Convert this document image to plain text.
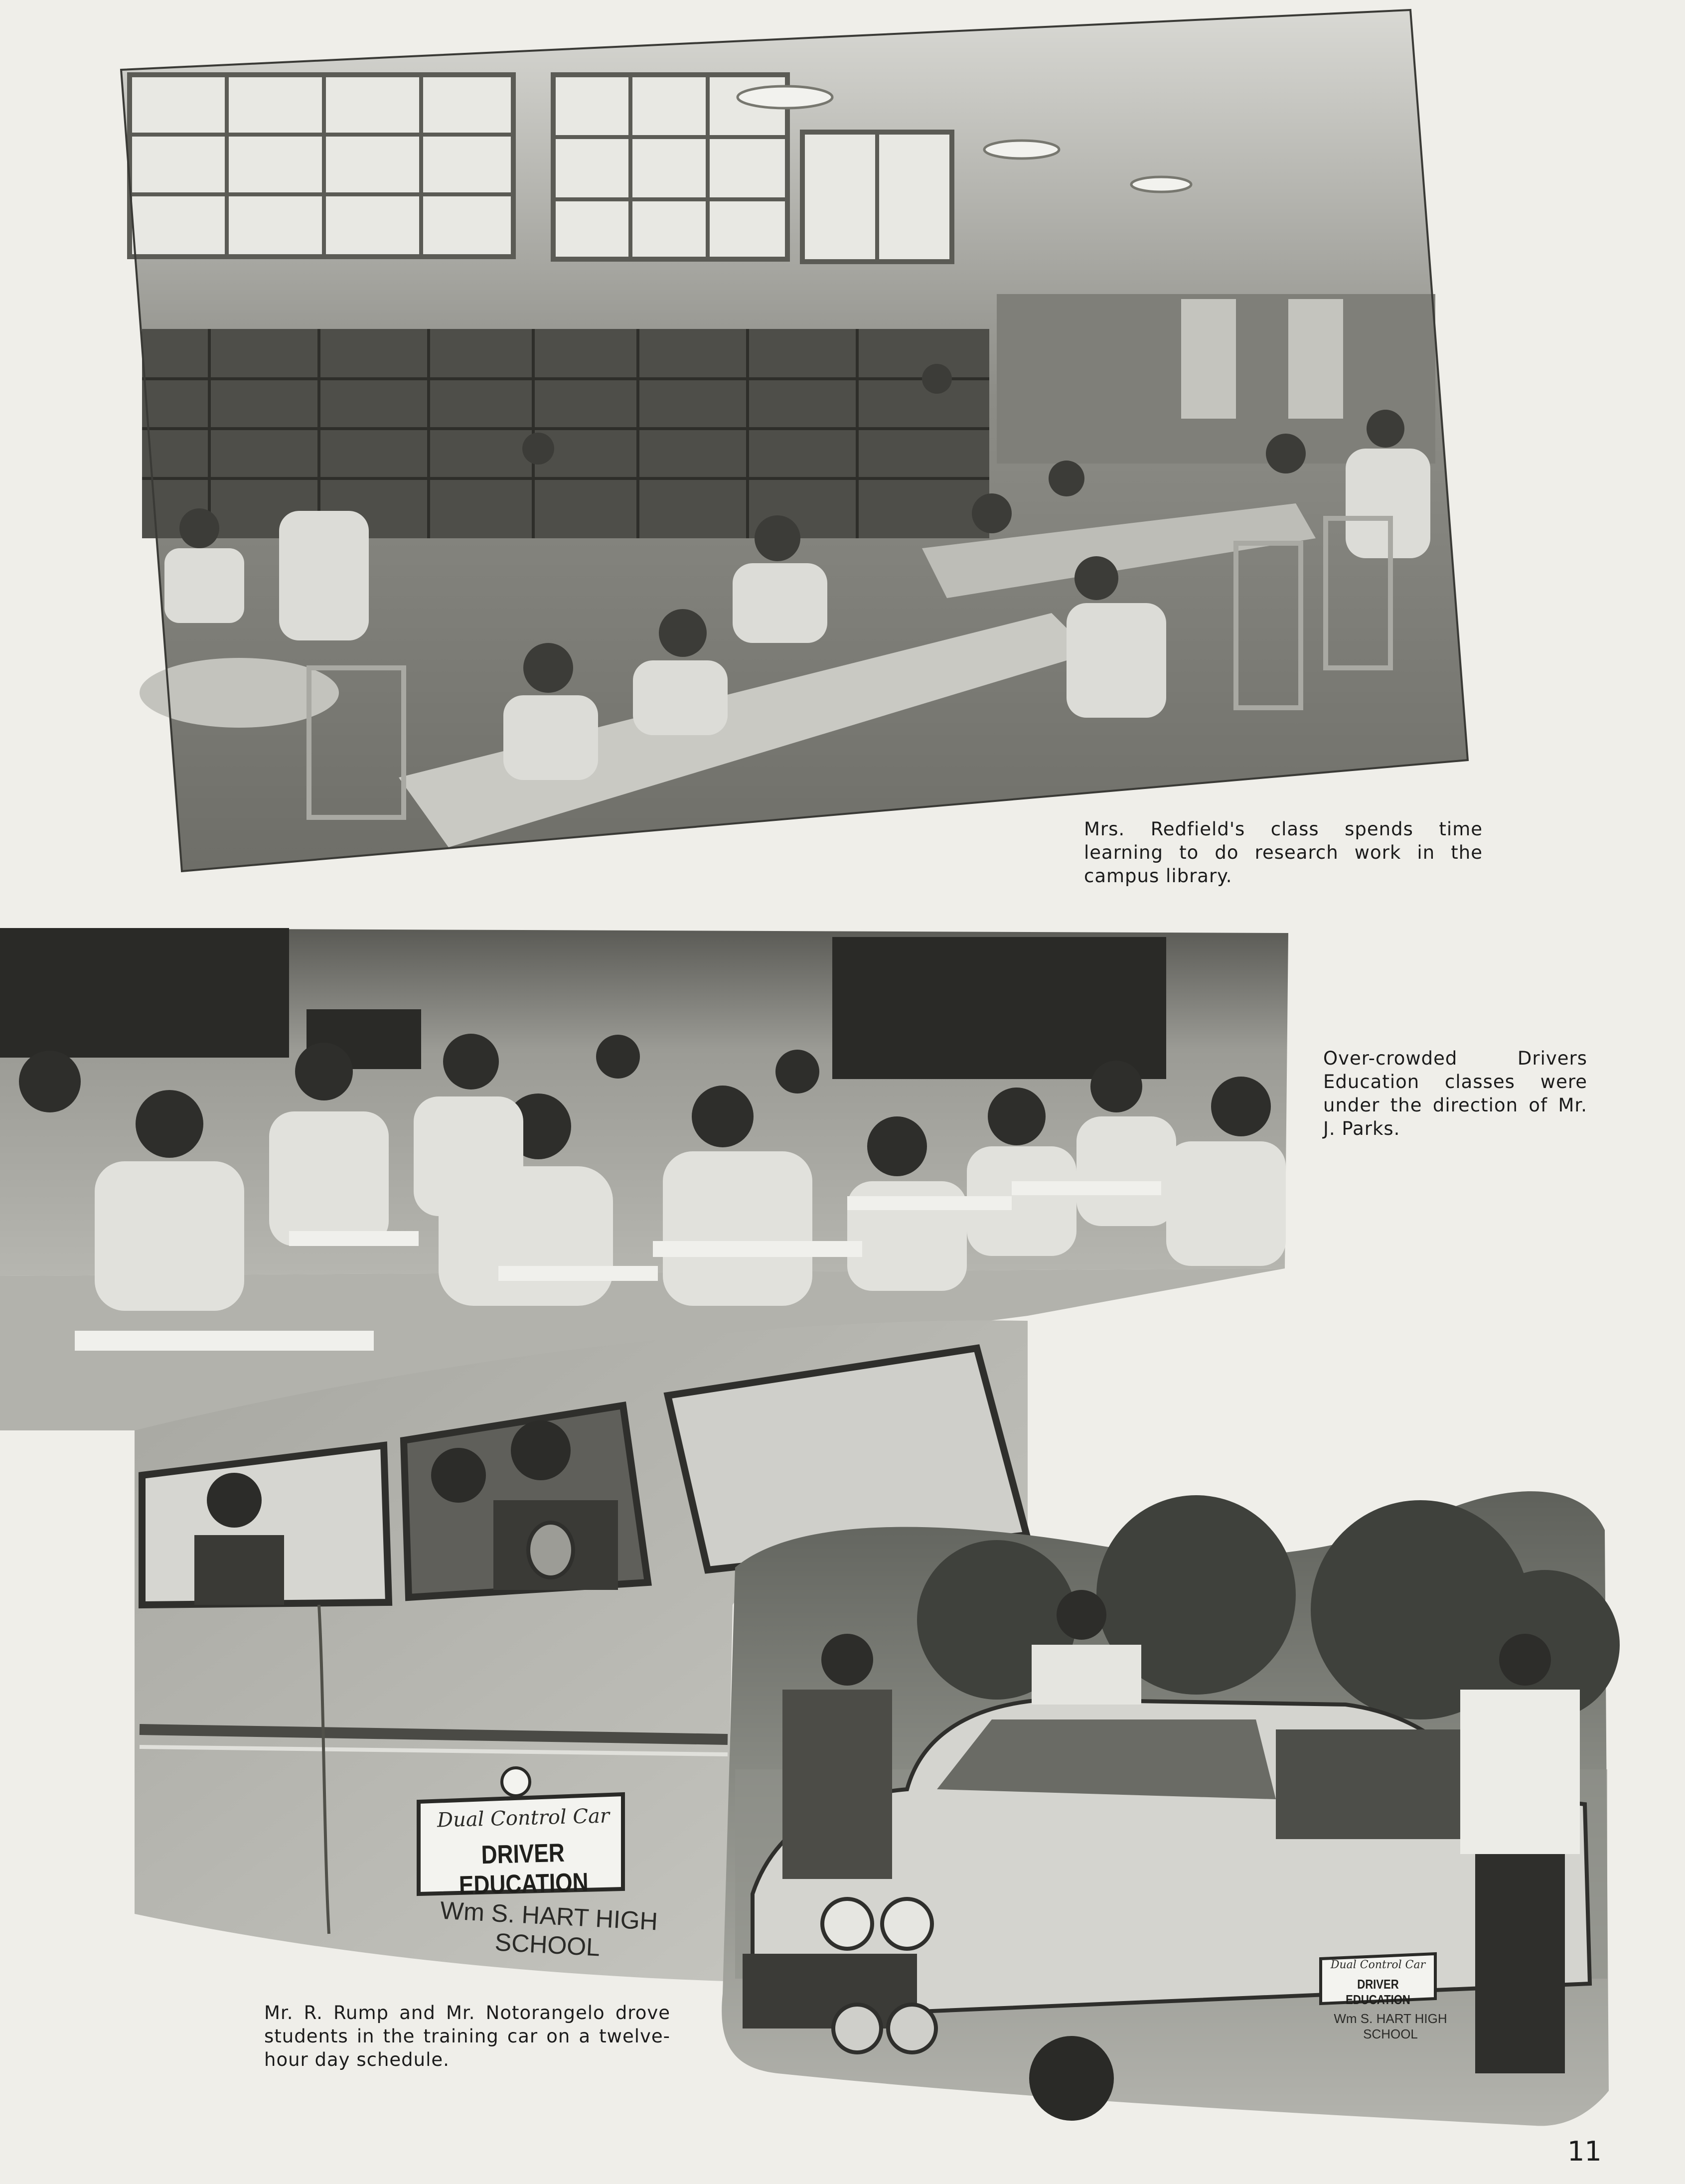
Dual Control Car
DRIVER EDUCATION
Wm S. HART HIGH SCHOOL
Dual Control Car
DRIVER EDUCATION
Wm S. HART HIGH SCHOOL
Mrs. Redfield's class spends time learning to do research work in the campus library.
Over-crowded Drivers Education classes were under the direction of Mr. J. Parks.
Mr. R. Rump and Mr. Notorangelo drove students in the training car on a twelve-hour day schedule.
11
